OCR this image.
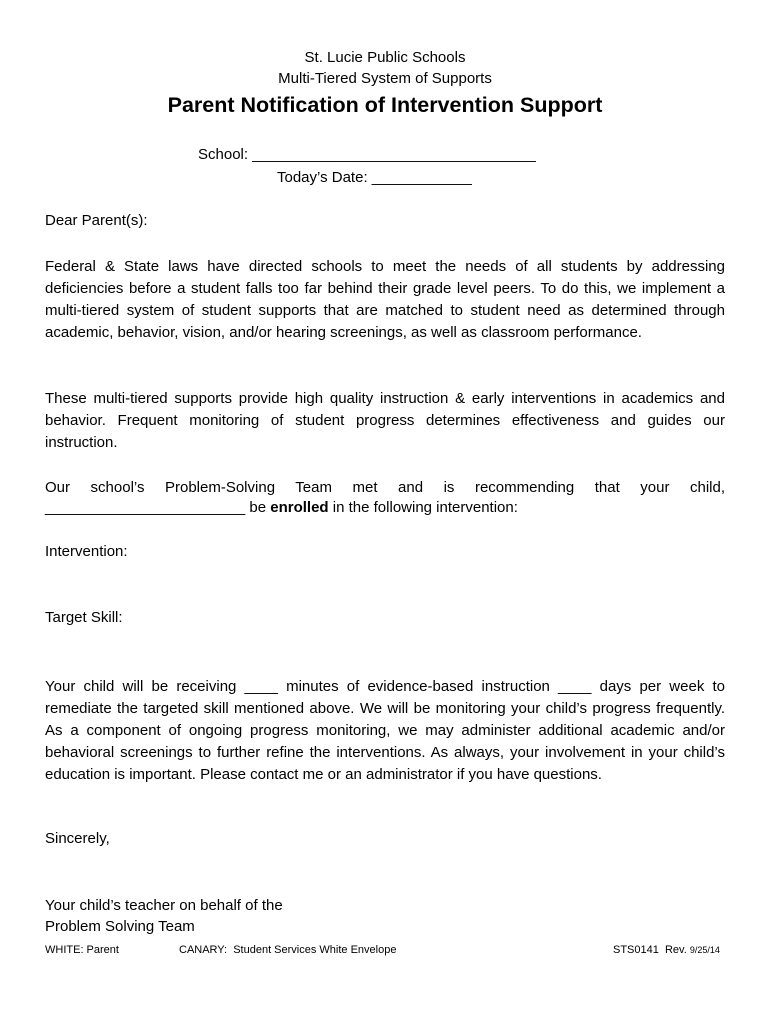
St. Lucie Public Schools
Multi-Tiered System of Supports
Parent Notification of Intervention Support
School: __________________________________
Today’s Date: ____________
Dear Parent(s):

Federal & State laws have directed schools to meet the needs of all students by addressing deficiencies before a student falls too far behind their grade level peers. To do this, we implement a multi-tiered system of student supports that are matched to student need as determined through academic, behavior, vision, and/or hearing screenings, as well as classroom performance.

These multi-tiered supports provide high quality instruction & early interventions in academics and behavior. Frequent monitoring of student progress determines effectiveness and guides our instruction.

Our school’s Problem-Solving Team met and is recommending that your child,
________________________ be enrolled in the following intervention:
Intervention:
Target Skill:

Your child will be receiving ____ minutes of evidence-based instruction ____ days per week to remediate the targeted skill mentioned above. We will be monitoring your child’s progress frequently. As a component of ongoing progress monitoring, we may administer additional academic and/or behavioral screenings to further refine the interventions. As always, your involvement in your child’s education is important. Please contact me or an administrator if you have questions.

Sincerely,
Your child’s teacher on behalf of the
Problem Solving Team
WHITE: Parent	CANARY:  Student Services White Envelope	STS0141  Rev. 9/25/14
